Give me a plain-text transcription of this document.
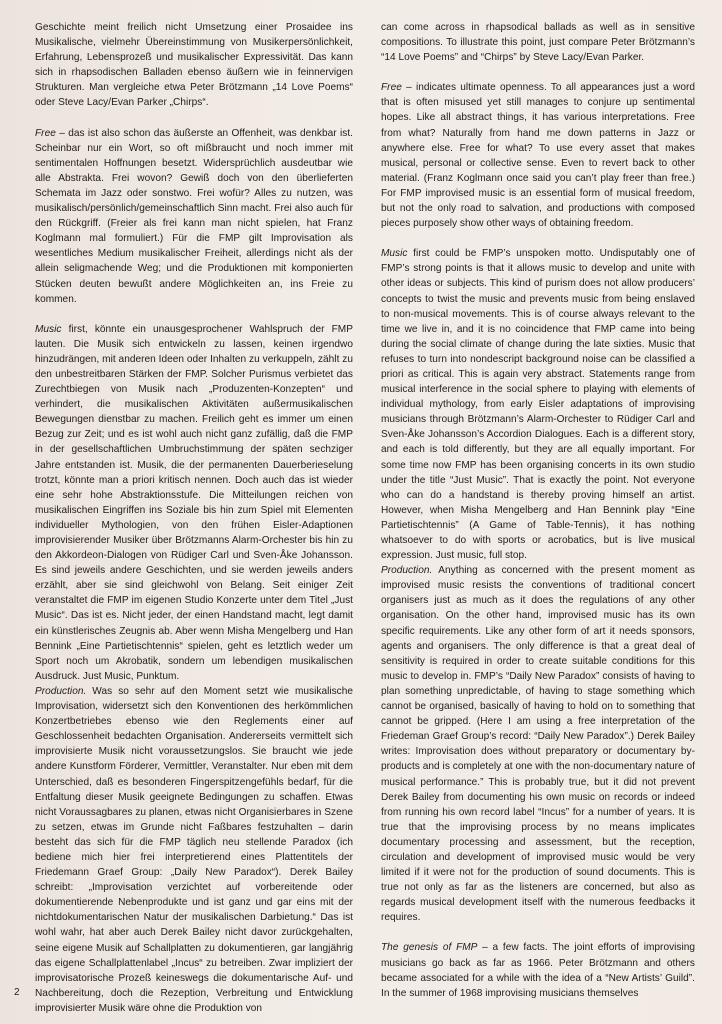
Geschichte meint freilich nicht Umsetzung einer Prosaidee ins Musikalische, vielmehr Übereinstimmung von Musikerpersönlichkeit, Erfahrung, Lebensprozeß und musikalischer Expressivität. Das kann sich in rhapsodischen Balladen ebenso äußern wie in feinnervigen Strukturen. Man vergleiche etwa Peter Brötzmann „14 Love Poems“ oder Steve Lacy/Evan Parker „Chirps“.

Free – das ist also schon das äußerste an Offenheit, was denkbar ist. Scheinbar nur ein Wort, so oft mißbraucht und noch immer mit sentimentalen Hoffnungen besetzt. Widersprüchlich ausdeutbar wie alle Abstrakta. Frei wovon? Gewiß doch von den überlieferten Schemata im Jazz oder sonstwo. Frei wofür? Alles zu nutzen, was musikalisch/persönlich/gemeinschaftlich Sinn macht. Frei also auch für den Rückgriff. (Freier als frei kann man nicht spielen, hat Franz Koglmann mal formuliert.) Für die FMP gilt Improvisation als wesentliches Medium musikalischer Freiheit, allerdings nicht als der allein seligmachende Weg; und die Produktionen mit komponierten Stücken deuten bewußt andere Möglichkeiten an, ins Freie zu kommen.

Music first, könnte ein unausgesprochener Wahlspruch der FMP lauten. Die Musik sich entwickeln zu lassen, keinen irgendwo hinzudrängen, mit anderen Ideen oder Inhalten zu verkuppeln, zählt zu den unbestreitbaren Stärken der FMP. Solcher Purismus verbietet das Zurechtbiegen von Musik nach „Produzenten-Konzepten“ und verhindert, die musikalischen Aktivitäten außermusikalischen Bewegungen dienstbar zu machen. Freilich geht es immer um einen Bezug zur Zeit; und es ist wohl auch nicht ganz zufällig, daß die FMP in der gesellschaftlichen Umbruchstimmung der späten sechziger Jahre entstanden ist. Musik, die der permanenten Dauerberieselung trotzt, könnte man a priori kritisch nennen. Doch auch das ist wieder eine sehr hohe Abstraktionsstufe. Die Mitteilungen reichen von musikalischen Eingriffen ins Soziale bis hin zum Spiel mit Elementen individueller Mythologien, von den frühen Eisler-Adaptionen improvisierender Musiker über Brötzmanns Alarm-Orchester bis hin zu den Akkordeon-Dialogen von Rüdiger Carl und Sven-Åke Johansson. Es sind jeweils andere Geschichten, und sie werden jeweils anders erzählt, aber sie sind gleichwohl von Belang. Seit einiger Zeit veranstaltet die FMP im eigenen Studio Konzerte unter dem Titel „Just Music“. Das ist es. Nicht jeder, der einen Handstand macht, legt damit ein künstlerisches Zeugnis ab. Aber wenn Misha Mengelberg und Han Bennink „Eine Partietischtennis“ spielen, geht es letztlich weder um Sport noch um Akrobatik, sondern um lebendigen musikalischen Ausdruck. Just Music, Punktum.

Production. Was so sehr auf den Moment setzt wie musikalische Improvisation, widersetzt sich den Konventionen des herkömmlichen Konzertbetriebes ebenso wie den Reglements einer auf Geschlossenheit bedachten Organisation. Andererseits vermittelt sich improvisierte Musik nicht voraussetzungslos. Sie braucht wie jede andere Kunstform Förderer, Vermittler, Veranstalter. Nur eben mit dem Unterschied, daß es besonderen Fingerspitzengefühls bedarf, für die Entfaltung dieser Musik geeignete Bedingungen zu schaffen. Etwas nicht Voraussagbares zu planen, etwas nicht Organisierbares in Szene zu setzen, etwas im Grunde nicht Faßbares festzuhalten – darin besteht das sich für die FMP täglich neu stellende Paradox (ich bediene mich hier frei interpretierend eines Plattentitels der Friedemann Graef Group: „Daily New Paradox“). Derek Bailey schreibt: „Improvisation verzichtet auf vorbereitende oder dokumentierende Nebenprodukte und ist ganz und gar eins mit der nichtdokumentarischen Natur der musikalischen Darbietung.“ Das ist wohl wahr, hat aber auch Derek Bailey nicht davor zurückgehalten, seine eigene Musik auf Schallplatten zu dokumentieren, gar langjährig das eigene Schallplattenlabel „Incus“ zu betreiben. Zwar impliziert der improvisatorische Prozeß keineswegs die dokumentarische Auf- und Nachbereitung, doch die Rezeption, Verbreitung und Entwicklung improvisierter Musik wäre ohne die Produktion von

can come across in rhapsodical ballads as well as in sensitive compositions. To illustrate this point, just compare Peter Brötzmann’s “14 Love Poems” and “Chirps” by Steve Lacy/Evan Parker.

Free – indicates ultimate openness. To all appearances just a word that is often misused yet still manages to conjure up sentimental hopes. Like all abstract things, it has various interpretations. Free from what? Naturally from hand me down patterns in Jazz or anywhere else. Free for what? To use every asset that makes musical, personal or collective sense. Even to revert back to other material. (Franz Koglmann once said you can’t play freer than free.) For FMP improvised music is an essential form of musical freedom, but not the only road to salvation, and productions with composed pieces purposely show other ways of obtaining freedom.

Music first could be FMP’s unspoken motto. Undisputably one of FMP’s strong points is that it allows music to develop and unite with other ideas or subjects. This kind of purism does not allow producers’ concepts to twist the music and prevents music from being enslaved to non-musical movements. This is of course always relevant to the time we live in, and it is no coincidence that FMP came into being during the social climate of change during the late sixties. Music that refuses to turn into nondescript background noise can be classified a priori as critical. This is again very abstract. Statements range from musical interference in the social sphere to playing with elements of individual mythology, from early Eisler adaptations of improvising musicians through Brötzmann’s Alarm-Orchester to Rüdiger Carl and Sven-Åke Johansson’s Accordion Dialogues. Each is a different story, and each is told differently, but they are all equally important. For some time now FMP has been organising concerts in its own studio under the title “Just Music”. That is exactly the point. Not everyone who can do a handstand is thereby proving himself an artist. However, when Misha Mengelberg and Han Bennink play “Eine Partietischtennis” (A Game of Table-Tennis), it has nothing whatsoever to do with sports or acrobatics, but is live musical expression. Just music, full stop.

Production. Anything as concerned with the present moment as improvised music resists the conventions of traditional concert organisers just as much as it does the regulations of any other organisation. On the other hand, improvised music has its own specific requirements. Like any other form of art it needs sponsors, agents and organisers. The only difference is that a great deal of sensitivity is required in order to create suitable conditions for this music to develop in. FMP’s “Daily New Paradox” consists of having to plan something unpredictable, of having to stage something which cannot be organised, basically of having to hold on to something that cannot be gripped. (Here I am using a free interpretation of the Friedeman Graef Group’s record: “Daily New Paradox”.) Derek Bailey writes: Improvisation does without preparatory or documentary by-products and is completely at one with the non-documentary nature of musical performance.” This is probably true, but it did not prevent Derek Bailey from documenting his own music on records or indeed from running his own record label “Incus” for a number of years. It is true that the improvising process by no means implicates documentary processing and assessment, but the reception, circulation and development of improvised music would be very limited if it were not for the production of sound documents. This is true not only as far as the listeners are concerned, but also as regards musical development itself with the numerous feedbacks it requires.

The genesis of FMP – a few facts. The joint efforts of improvising musicians go back as far as 1966. Peter Brötzmann and others became associated for a while with the idea of a “New Artists’ Guild”. In the summer of 1968 improvising musicians themselves

2
